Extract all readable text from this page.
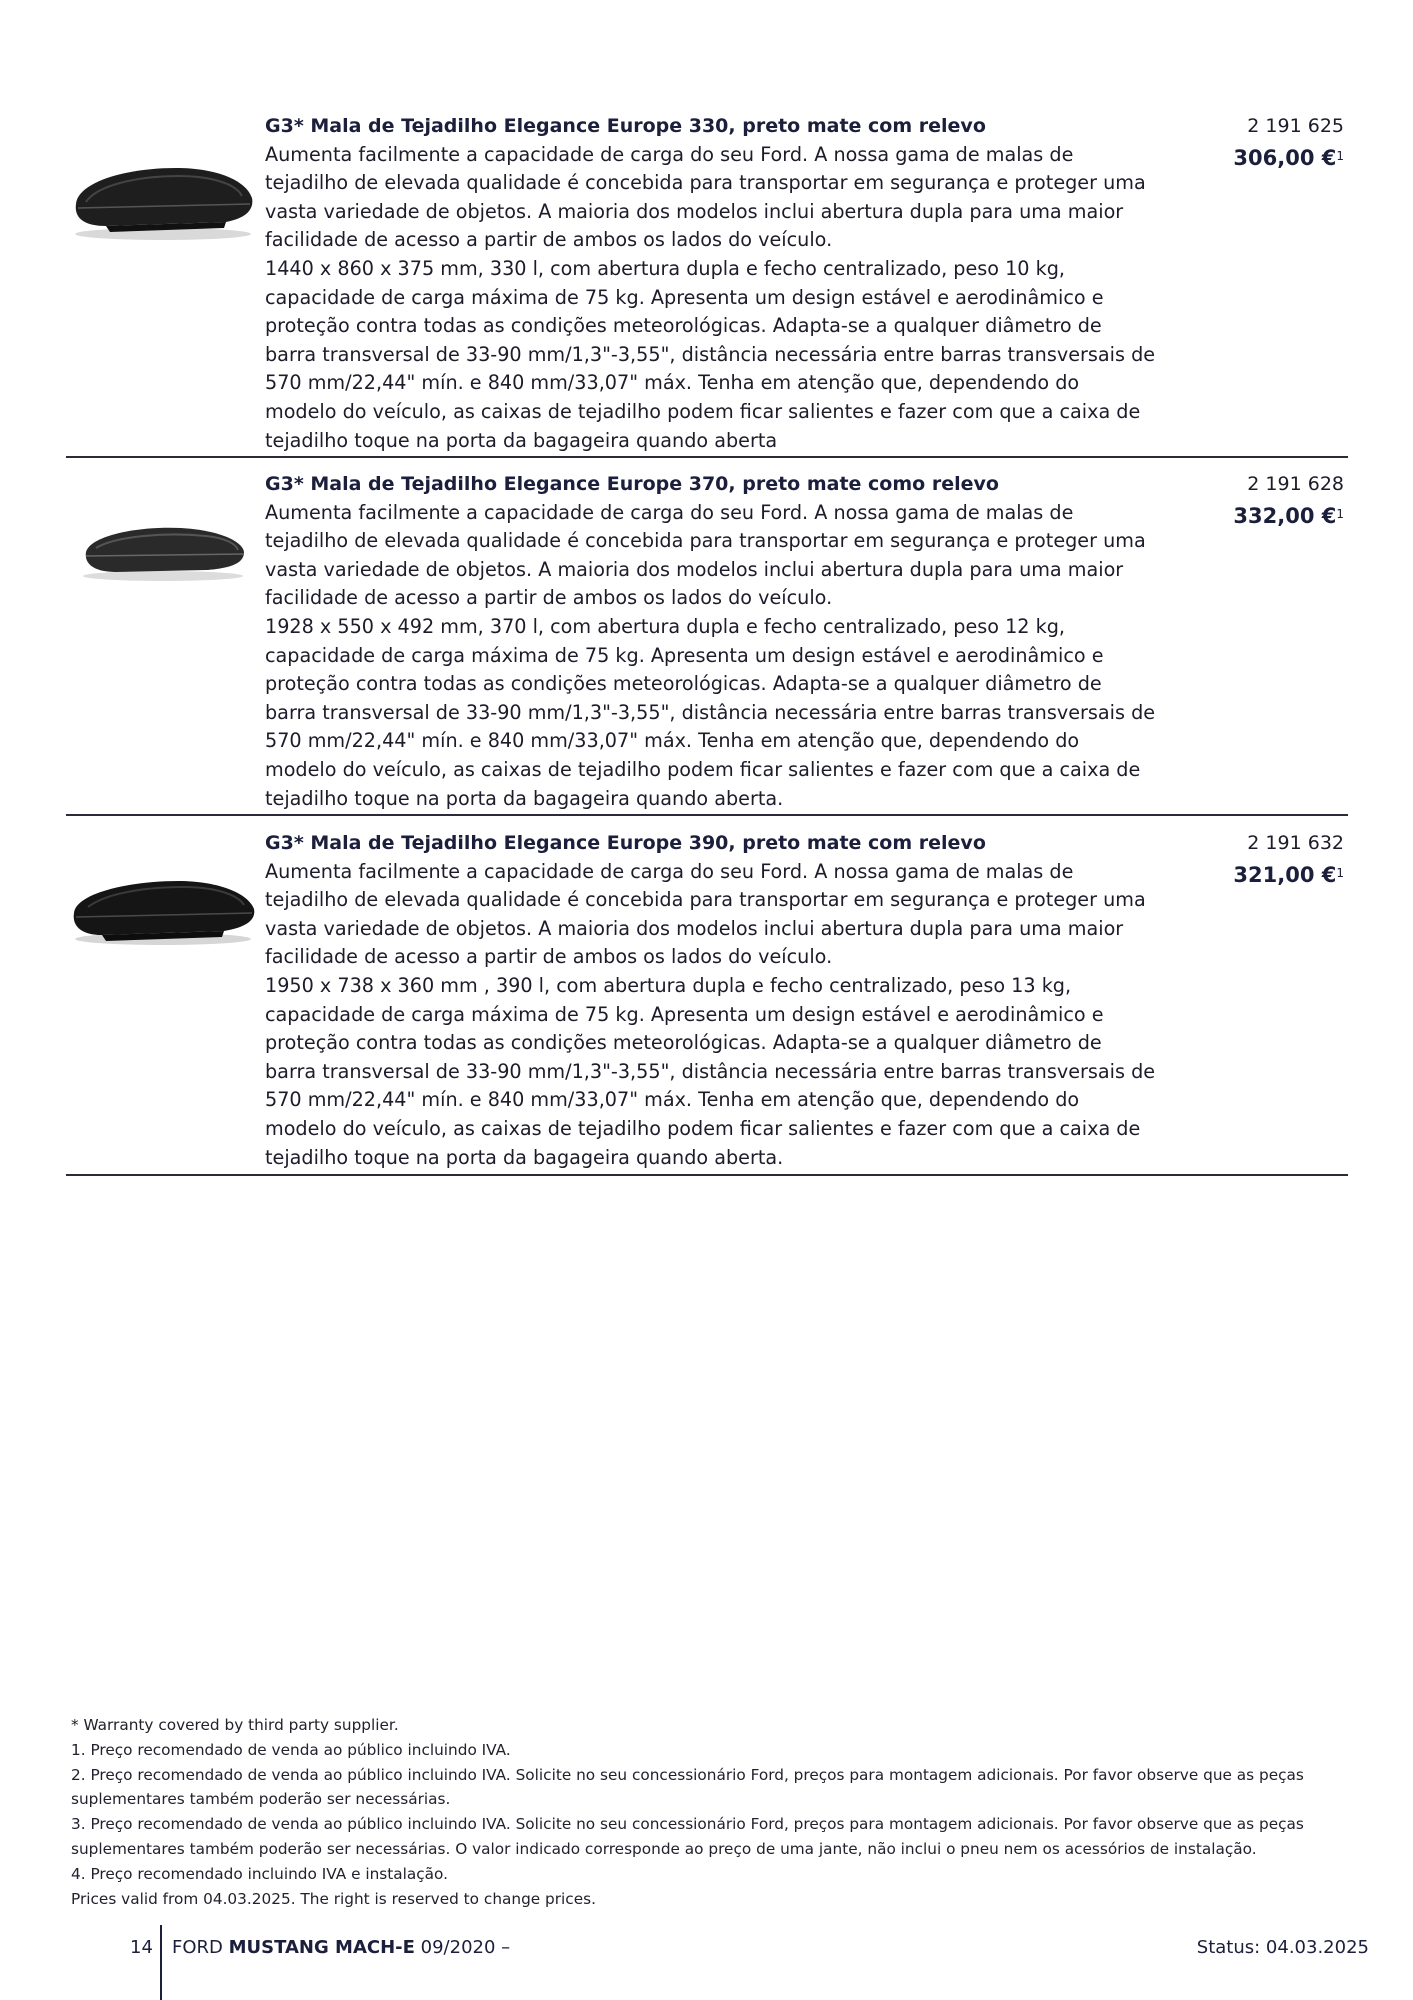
G3* Mala de Tejadilho Elegance Europe 330, preto mate com relevo
Aumenta facilmente a capacidade de carga do seu Ford. A nossa gama de malas de
tejadilho de elevada qualidade é concebida para transportar em segurança e proteger uma
vasta variedade de objetos. A maioria dos modelos inclui abertura dupla para uma maior
facilidade de acesso a partir de ambos os lados do veículo.
1440 x 860 x 375 mm, 330 l, com abertura dupla e fecho centralizado, peso 10 kg,
capacidade de carga máxima de 75 kg. Apresenta um design estável e aerodinâmico e
proteção contra todas as condições meteorológicas. Adapta-se a qualquer diâmetro de
barra transversal de 33-90 mm/1,3"-3,55", distância necessária entre barras transversais de
570 mm/22,44" mín. e 840 mm/33,07" máx. Tenha em atenção que, dependendo do
modelo do veículo, as caixas de tejadilho podem ficar salientes e fazer com que a caixa de
tejadilho toque na porta da bagageira quando aberta
2 191 625
306,00 €$^1$
G3* Mala de Tejadilho Elegance Europe 370, preto mate como relevo
Aumenta facilmente a capacidade de carga do seu Ford. A nossa gama de malas de
tejadilho de elevada qualidade é concebida para transportar em segurança e proteger uma
vasta variedade de objetos. A maioria dos modelos inclui abertura dupla para uma maior
facilidade de acesso a partir de ambos os lados do veículo.
1928 x 550 x 492 mm, 370 l, com abertura dupla e fecho centralizado, peso 12 kg,
capacidade de carga máxima de 75 kg. Apresenta um design estável e aerodinâmico e
proteção contra todas as condições meteorológicas. Adapta-se a qualquer diâmetro de
barra transversal de 33-90 mm/1,3"-3,55", distância necessária entre barras transversais de
570 mm/22,44" mín. e 840 mm/33,07" máx. Tenha em atenção que, dependendo do
modelo do veículo, as caixas de tejadilho podem ficar salientes e fazer com que a caixa de
tejadilho toque na porta da bagageira quando aberta.
2 191 628
332,00 €$^1$
G3* Mala de Tejadilho Elegance Europe 390, preto mate com relevo
Aumenta facilmente a capacidade de carga do seu Ford. A nossa gama de malas de
tejadilho de elevada qualidade é concebida para transportar em segurança e proteger uma
vasta variedade de objetos. A maioria dos modelos inclui abertura dupla para uma maior
facilidade de acesso a partir de ambos os lados do veículo.
1950 x 738 x 360 mm , 390 l, com abertura dupla e fecho centralizado, peso 13 kg,
capacidade de carga máxima de 75 kg. Apresenta um design estável e aerodinâmico e
proteção contra todas as condições meteorológicas. Adapta-se a qualquer diâmetro de
barra transversal de 33-90 mm/1,3"-3,55", distância necessária entre barras transversais de
570 mm/22,44" mín. e 840 mm/33,07" máx. Tenha em atenção que, dependendo do
modelo do veículo, as caixas de tejadilho podem ficar salientes e fazer com que a caixa de
tejadilho toque na porta da bagageira quando aberta.
2 191 632
321,00 €$^1$
* Warranty covered by third party supplier.
1. Preço recomendado de venda ao público incluindo IVA.
2. Preço recomendado de venda ao público incluindo IVA. Solicite no seu concessionário Ford, preços para montagem adicionais. Por favor observe que as peças
suplementares também poderão ser necessárias.
3. Preço recomendado de venda ao público incluindo IVA. Solicite no seu concessionário Ford, preços para montagem adicionais. Por favor observe que as peças
suplementares também poderão ser necessárias. O valor indicado corresponde ao preço de uma jante, não inclui o pneu nem os acessórios de instalação.
4. Preço recomendado incluindo IVA e instalação.
Prices valid from 04.03.2025. The right is reserved to change prices.
14 FORD MUSTANG MACH-E 09/2020 –	Status: 04.03.2025
